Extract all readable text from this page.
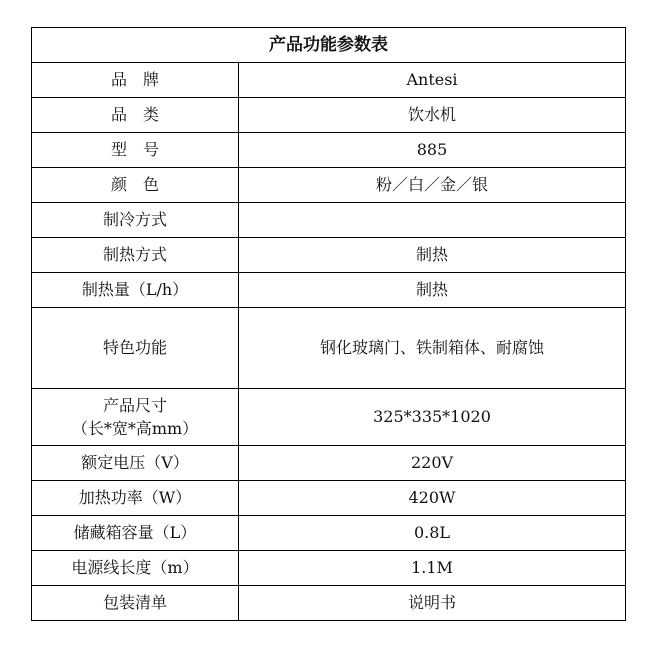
产品功能参数表	
品　牌	Antesi
品　类	饮水机
型　号	885
颜　色	粉／白／金／银
制冷方式	
制热方式	制热
制热量（L/h）	制热
特色功能	钢化玻璃门、铁制箱体、耐腐蚀

产品尺寸
（长*宽*高mm）	325*335*1020
额定电压（V）	220V
加热功率（W）	420W
储藏箱容量（L）	0.8L
电源线长度（m）	1.1M
包装清单	说明书
